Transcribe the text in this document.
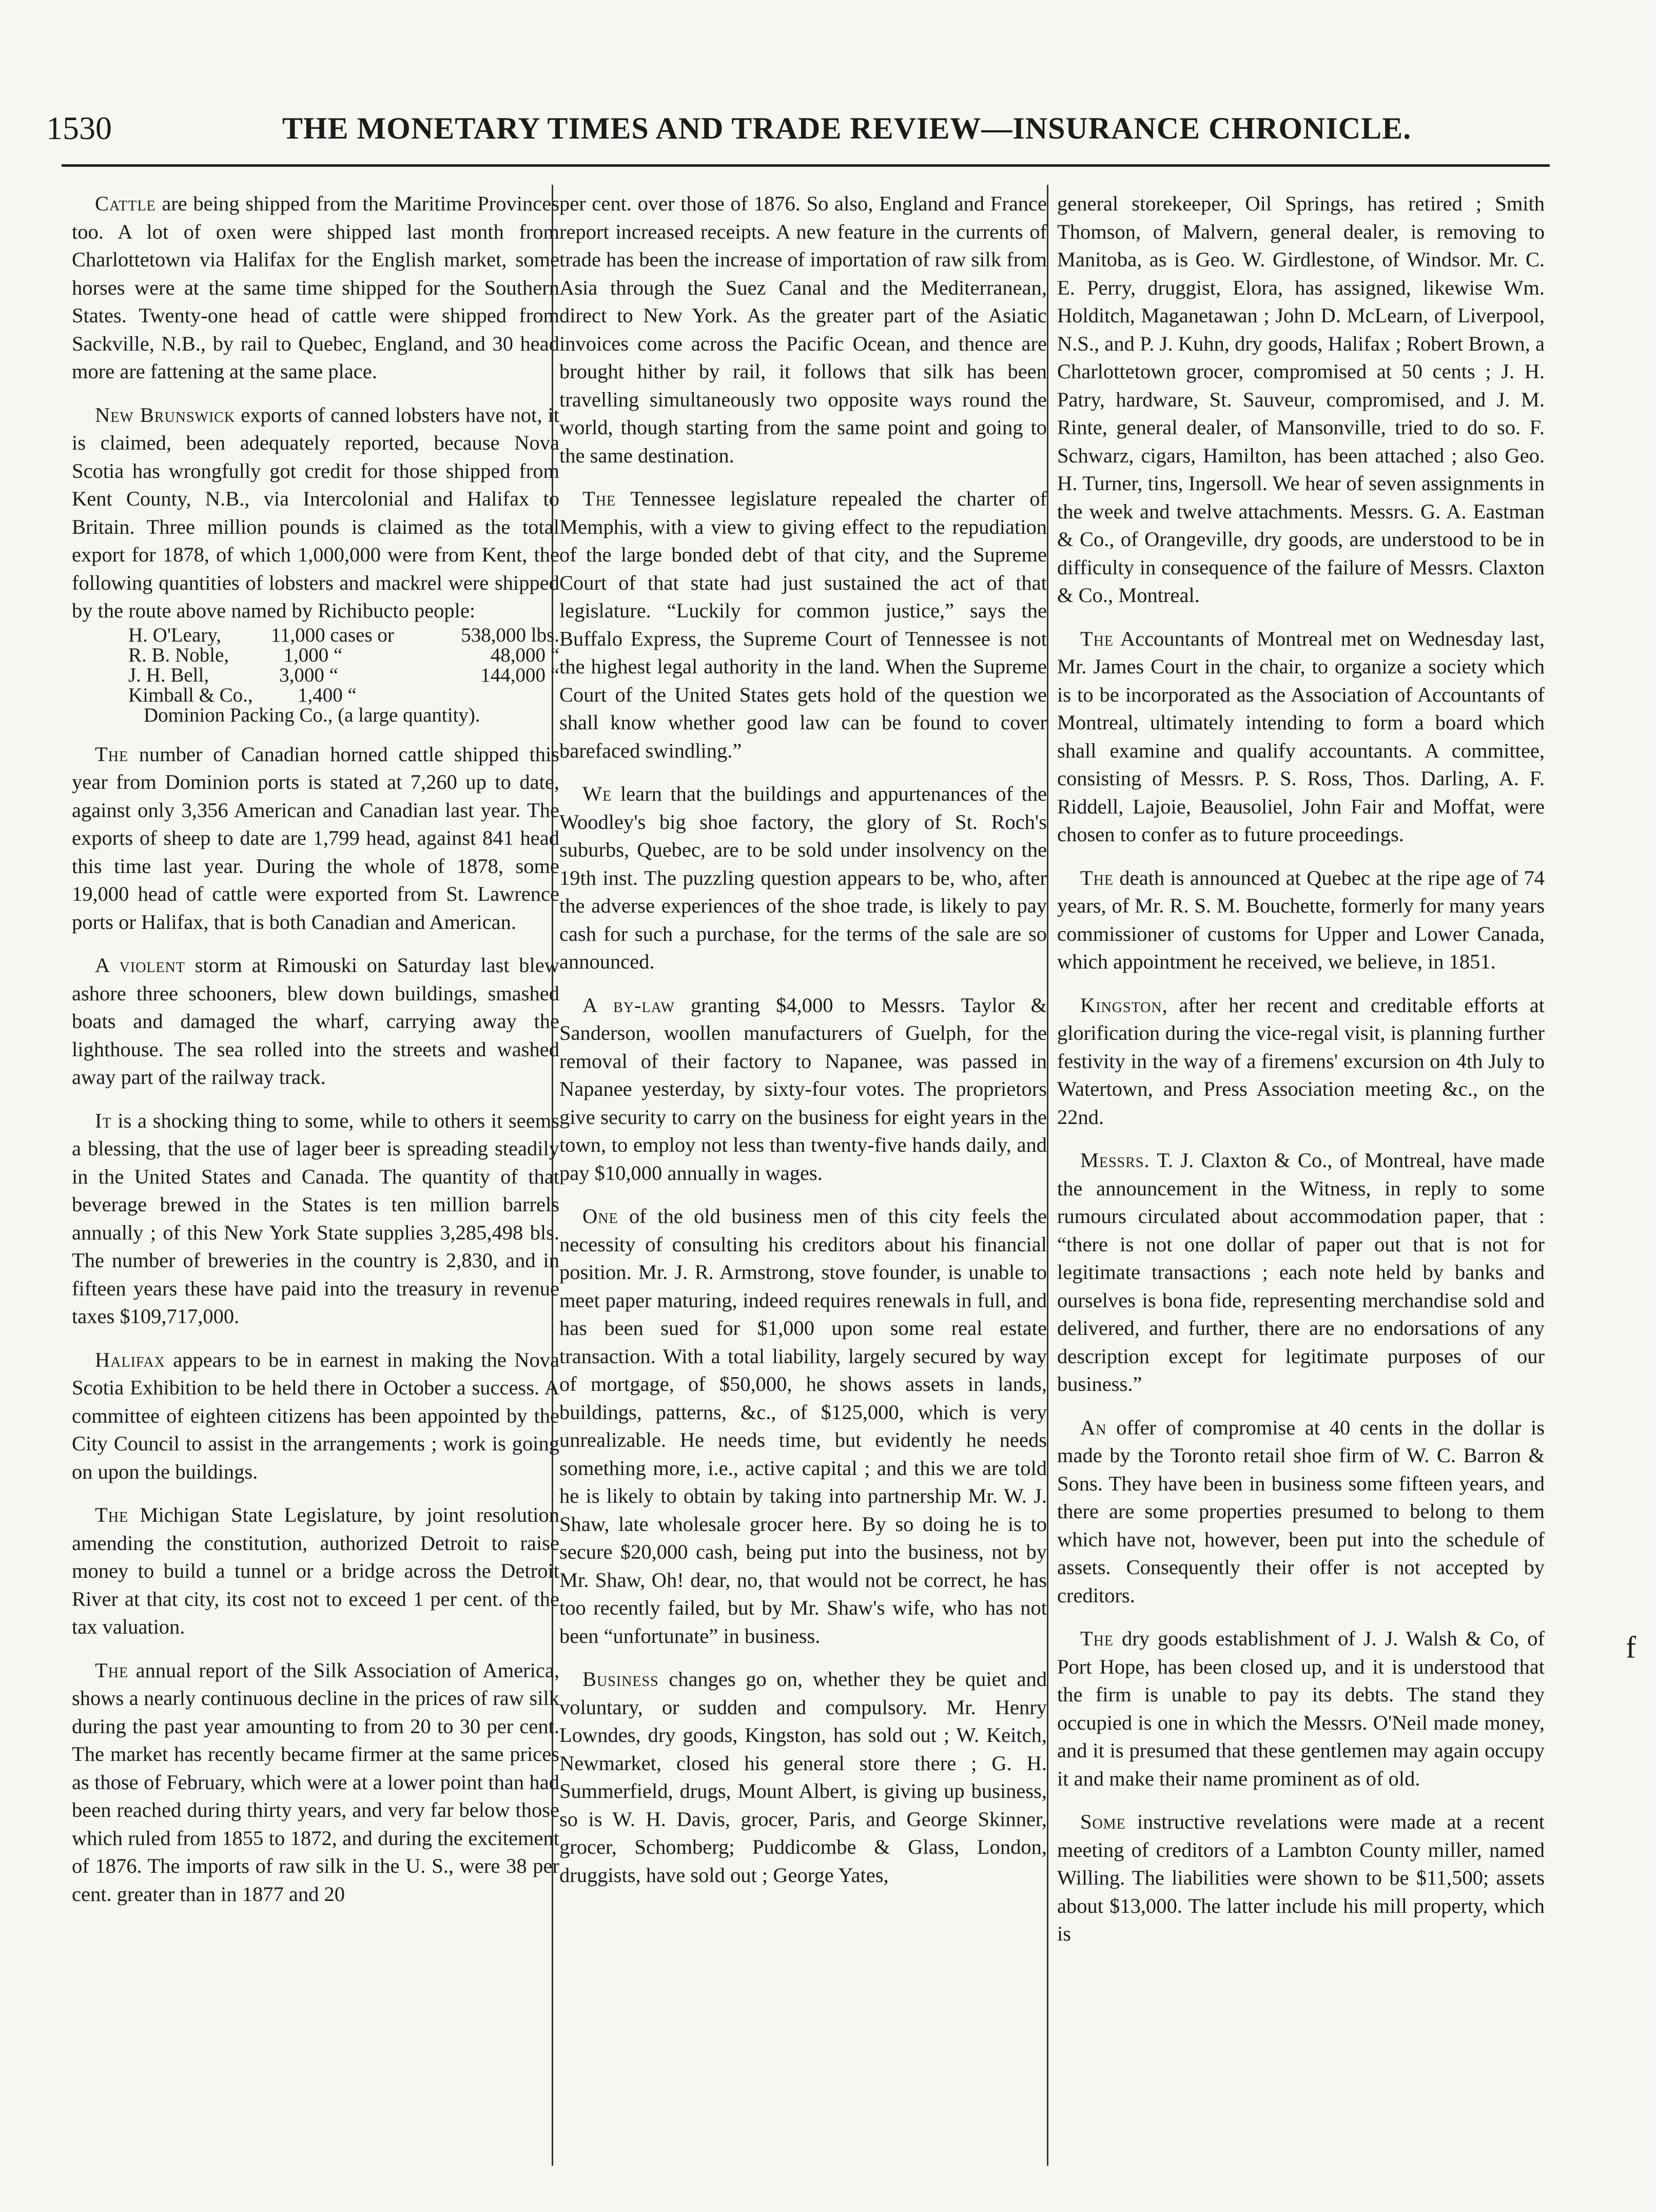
1530	THE MONETARY TIMES AND TRADE REVIEW—INSURANCE CHRONICLE.

Cattle are being shipped from the Maritime Provinces too. A lot of oxen were shipped last month from Charlottetown via Halifax for the English market, some horses were at the same time shipped for the Southern States. Twenty-one head of cattle were shipped from Sackville, N.B., by rail to Quebec, England, and 30 head more are fattening at the same place.

New Brunswick exports of canned lobsters have not, it is claimed, been adequately reported, because Nova Scotia has wrongfully got credit for those shipped from Kent County, N.B., via Intercolonial and Halifax to Britain. Three million pounds is claimed as the total export for 1878, of which 1,000,000 were from Kent, the following quantities of lobsters and mackrel were shipped by the route above named by Richibucto people:

H. O'Leary,	11,000 cases or	538,000 lbs.
R. B. Noble,	1,000 “	48,000 “
J. H. Bell,	3,000 “	144,000 “
Kimball & Co.,	1,400 “
Dominion Packing Co., (a large quantity).

The number of Canadian horned cattle shipped this year from Dominion ports is stated at 7,260 up to date, against only 3,356 American and Canadian last year. The exports of sheep to date are 1,799 head, against 841 head this time last year. During the whole of 1878, some 19,000 head of cattle were exported from St. Lawrence ports or Halifax, that is both Canadian and American.

A violent storm at Rimouski on Saturday last blew ashore three schooners, blew down buildings, smashed boats and damaged the wharf, carrying away the lighthouse. The sea rolled into the streets and washed away part of the railway track.

It is a shocking thing to some, while to others it seems a blessing, that the use of lager beer is spreading steadily in the United States and Canada. The quantity of that beverage brewed in the States is ten million barrels annually ; of this New York State supplies 3,285,498 bls. The number of breweries in the country is 2,830, and in fifteen years these have paid into the treasury in revenue taxes $109,717,000.

Halifax appears to be in earnest in making the Nova Scotia Exhibition to be held there in October a success. A committee of eighteen citizens has been appointed by the City Council to assist in the arrangements ; work is going on upon the buildings.

The Michigan State Legislature, by joint resolution amending the constitution, authorized Detroit to raise money to build a tunnel or a bridge across the Detroit River at that city, its cost not to exceed 1 per cent. of the tax valuation.

The annual report of the Silk Association of America, shows a nearly continuous decline in the prices of raw silk during the past year amounting to from 20 to 30 per cent. The market has recently became firmer at the same prices as those of February, which were at a lower point than had been reached during thirty years, and very far below those which ruled from 1855 to 1872, and during the excitement of 1876. The imports of raw silk in the U. S., were 38 per cent. greater than in 1877 and 20

per cent. over those of 1876. So also, England and France report increased receipts. A new feature in the currents of trade has been the increase of importation of raw silk from Asia through the Suez Canal and the Mediterranean, direct to New York. As the greater part of the Asiatic invoices come across the Pacific Ocean, and thence are brought hither by rail, it follows that silk has been travelling simultaneously two opposite ways round the world, though starting from the same point and going to the same destination.

The Tennessee legislature repealed the charter of Memphis, with a view to giving effect to the repudiation of the large bonded debt of that city, and the Supreme Court of that state had just sustained the act of that legislature. “Luckily for common justice,” says the Buffalo Express, the Supreme Court of Tennessee is not the highest legal authority in the land. When the Supreme Court of the United States gets hold of the question we shall know whether good law can be found to cover barefaced swindling.”

We learn that the buildings and appurtenances of the Woodley's big shoe factory, the glory of St. Roch's suburbs, Quebec, are to be sold under insolvency on the 19th inst. The puzzling question appears to be, who, after the adverse experiences of the shoe trade, is likely to pay cash for such a purchase, for the terms of the sale are so announced.

A by-law granting $4,000 to Messrs. Taylor & Sanderson, woollen manufacturers of Guelph, for the removal of their factory to Napanee, was passed in Napanee yesterday, by sixty-four votes. The proprietors give security to carry on the business for eight years in the town, to employ not less than twenty-five hands daily, and pay $10,000 annually in wages.

One of the old business men of this city feels the necessity of consulting his creditors about his financial position. Mr. J. R. Armstrong, stove founder, is unable to meet paper maturing, indeed requires renewals in full, and has been sued for $1,000 upon some real estate transaction. With a total liability, largely secured by way of mortgage, of $50,000, he shows assets in lands, buildings, patterns, &c., of $125,000, which is very unrealizable. He needs time, but evidently he needs something more, i.e., active capital ; and this we are told he is likely to obtain by taking into partnership Mr. W. J. Shaw, late wholesale grocer here. By so doing he is to secure $20,000 cash, being put into the business, not by Mr. Shaw, Oh! dear, no, that would not be correct, he has too recently failed, but by Mr. Shaw's wife, who has not been “unfortunate” in business.

Business changes go on, whether they be quiet and voluntary, or sudden and compulsory. Mr. Henry Lowndes, dry goods, Kingston, has sold out ; W. Keitch, Newmarket, closed his general store there ; G. H. Summerfield, drugs, Mount Albert, is giving up business, so is W. H. Davis, grocer, Paris, and George Skinner, grocer, Schomberg; Puddicombe & Glass, London, druggists, have sold out ; George Yates,

general storekeeper, Oil Springs, has retired ; Smith Thomson, of Malvern, general dealer, is removing to Manitoba, as is Geo. W. Girdlestone, of Windsor. Mr. C. E. Perry, druggist, Elora, has assigned, likewise Wm. Holditch, Maganetawan ; John D. McLearn, of Liverpool, N.S., and P. J. Kuhn, dry goods, Halifax ; Robert Brown, a Charlottetown grocer, compromised at 50 cents ; J. H. Patry, hardware, St. Sauveur, compromised, and J. M. Rinte, general dealer, of Mansonville, tried to do so. F. Schwarz, cigars, Hamilton, has been attached ; also Geo. H. Turner, tins, Ingersoll. We hear of seven assignments in the week and twelve attachments. Messrs. G. A. Eastman & Co., of Orangeville, dry goods, are understood to be in difficulty in consequence of the failure of Messrs. Claxton & Co., Montreal.

The Accountants of Montreal met on Wednesday last, Mr. James Court in the chair, to organize a society which is to be incorporated as the Association of Accountants of Montreal, ultimately intending to form a board which shall examine and qualify accountants. A committee, consisting of Messrs. P. S. Ross, Thos. Darling, A. F. Riddell, Lajoie, Beausoliel, John Fair and Moffat, were chosen to confer as to future proceedings.

The death is announced at Quebec at the ripe age of 74 years, of Mr. R. S. M. Bouchette, formerly for many years commissioner of customs for Upper and Lower Canada, which appointment he received, we believe, in 1851.

Kingston, after her recent and creditable efforts at glorification during the vice-regal visit, is planning further festivity in the way of a firemens' excursion on 4th July to Watertown, and Press Association meeting &c., on the 22nd.

Messrs. T. J. Claxton & Co., of Montreal, have made the announcement in the Witness, in reply to some rumours circulated about accommodation paper, that : “there is not one dollar of paper out that is not for legitimate transactions ; each note held by banks and ourselves is bona fide, representing merchandise sold and delivered, and further, there are no endorsations of any description except for legitimate purposes of our business.”

An offer of compromise at 40 cents in the dollar is made by the Toronto retail shoe firm of W. C. Barron & Sons. They have been in business some fifteen years, and there are some properties presumed to belong to them which have not, however, been put into the schedule of assets. Consequently their offer is not accepted by creditors.

The dry goods establishment of J. J. Walsh & Co, of Port Hope, has been closed up, and it is understood that the firm is unable to pay its debts. The stand they occupied is one in which the Messrs. O'Neil made money, and it is presumed that these gentlemen may again occupy it and make their name prominent as of old.

Some instructive revelations were made at a recent meeting of creditors of a Lambton County miller, named Willing. The liabilities were shown to be $11,500; assets about $13,000. The latter include his mill property, which is

f
